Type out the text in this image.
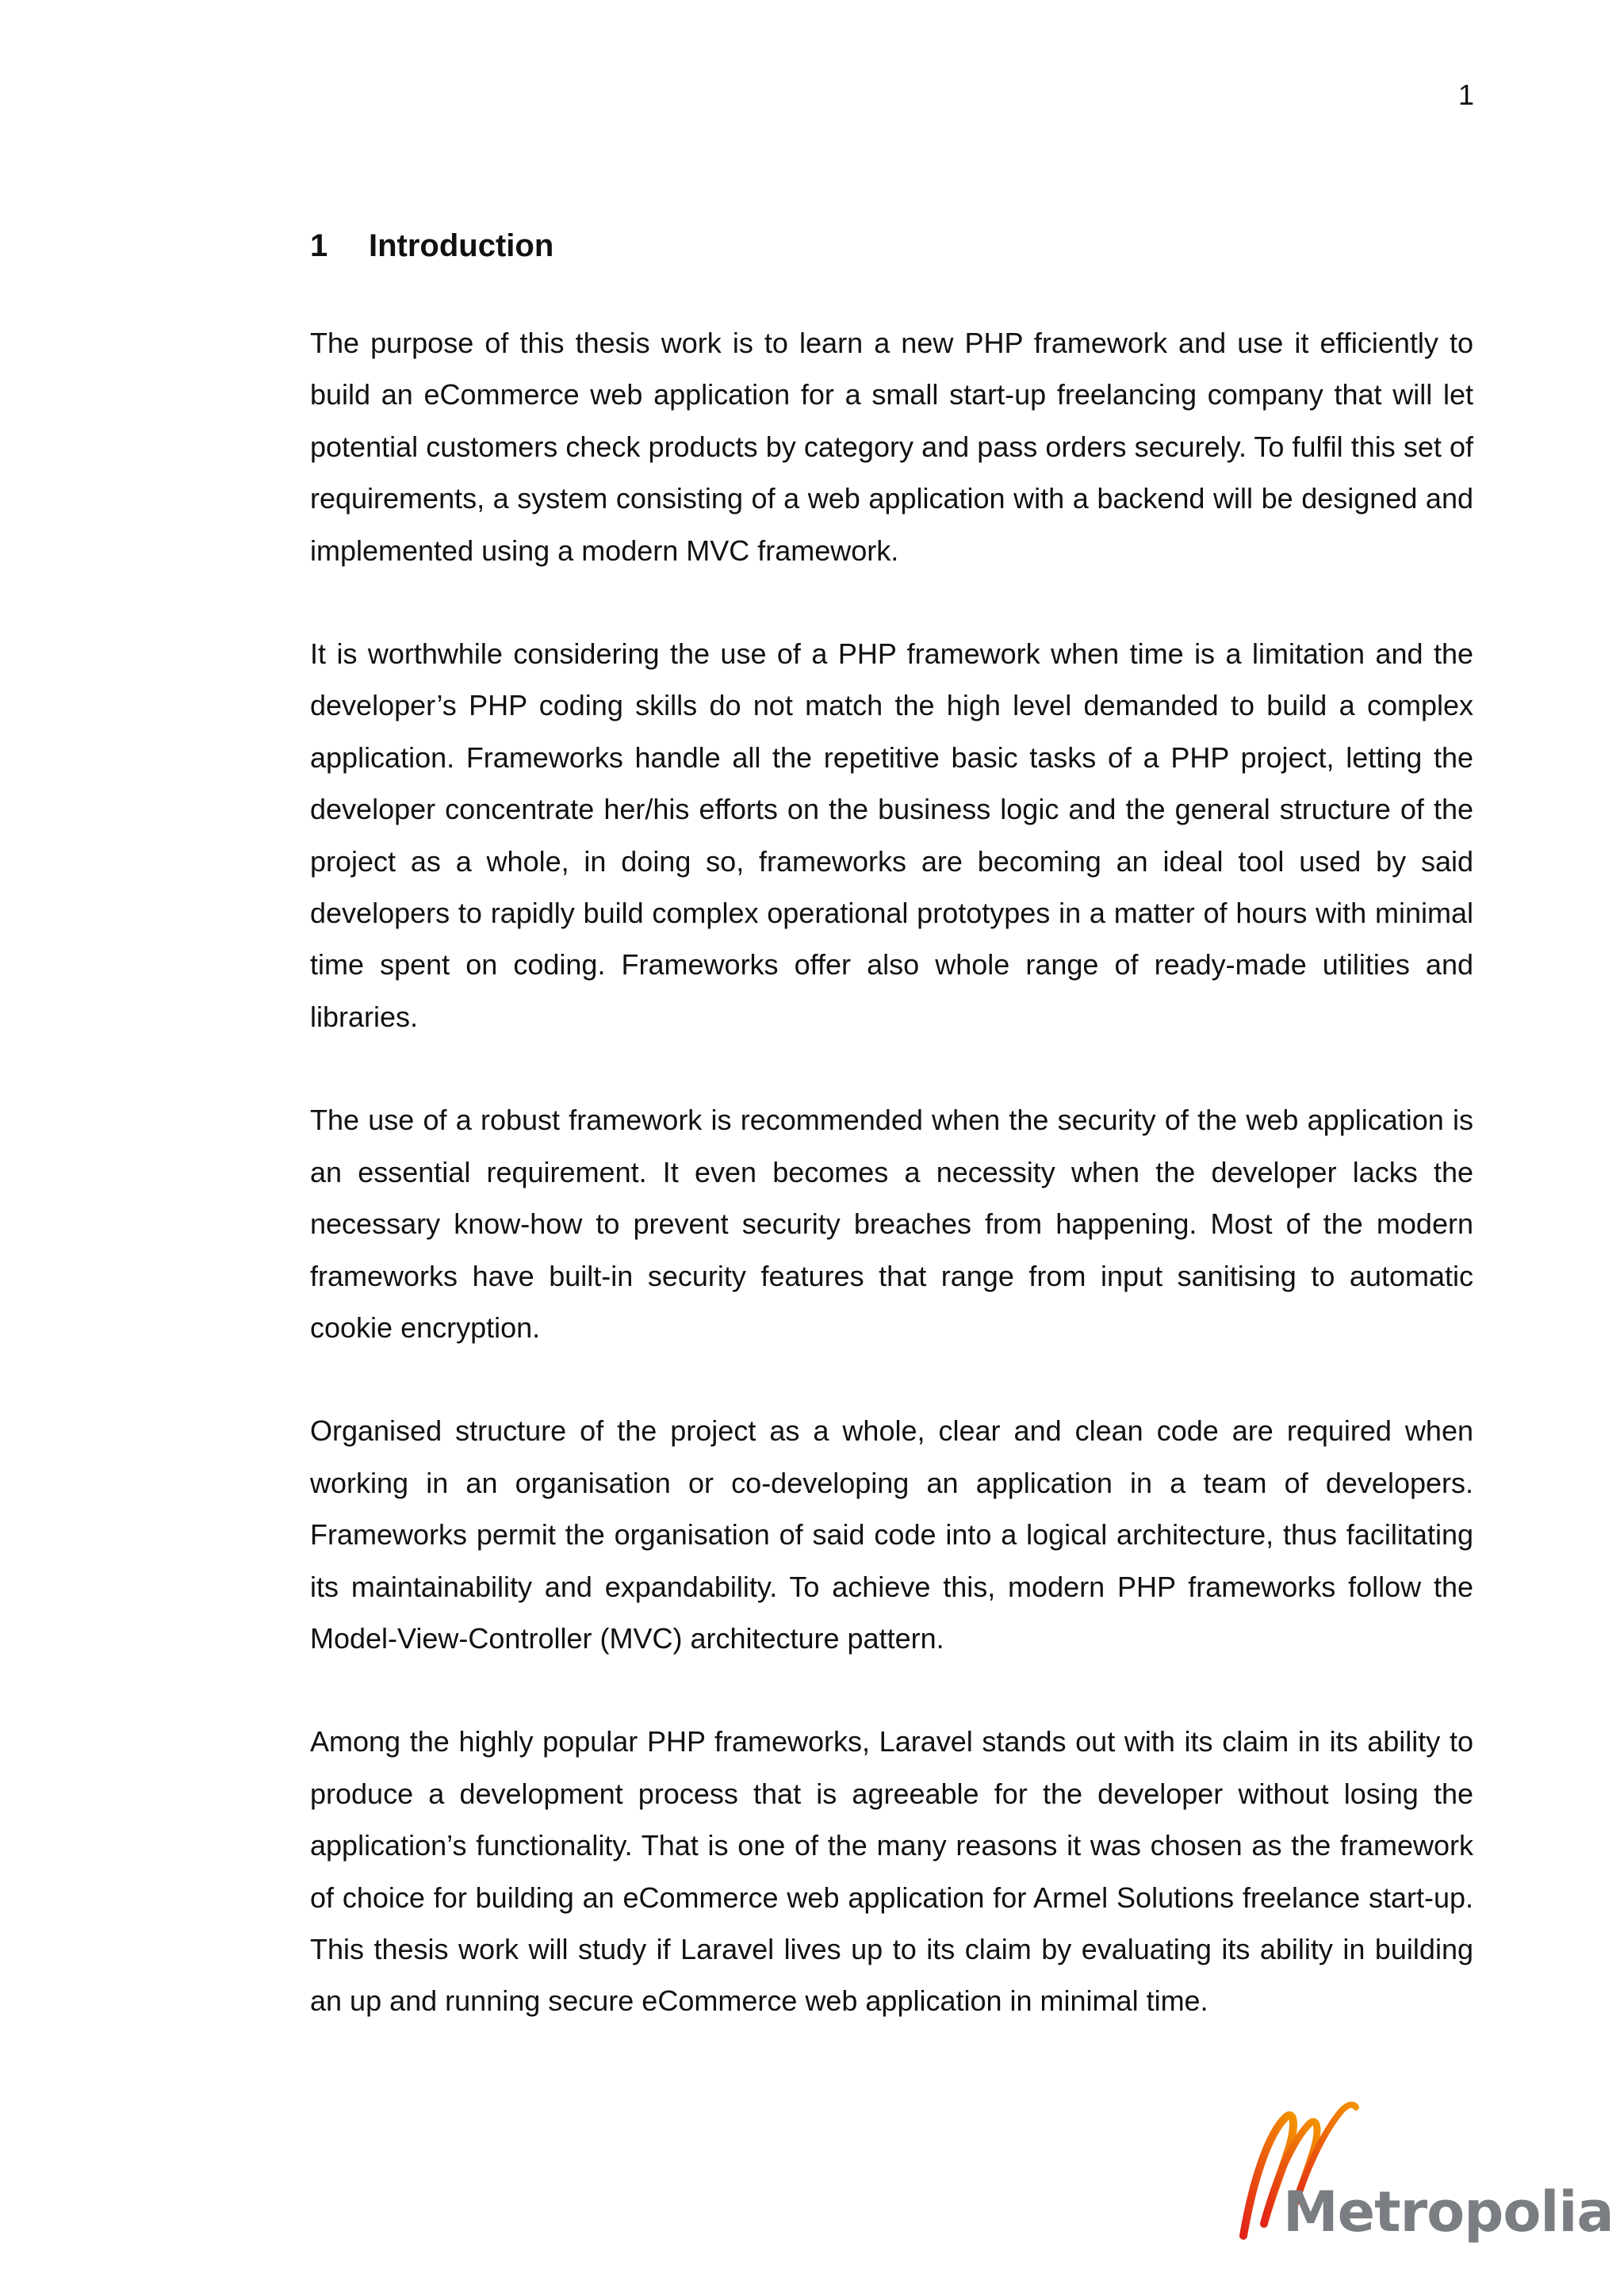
1
1	Introduction

The purpose of this thesis work is to learn a new PHP framework and use it efficiently to build an eCommerce web application for a small start-up freelancing company that will let potential customers check products by category and pass orders securely. To fulfil this set of requirements, a system consisting of a web application with a backend will be designed and implemented using a modern MVC framework.

It is worthwhile considering the use of a PHP framework when time is a limitation and the developer’s PHP coding skills do not match the high level demanded to build a complex application. Frameworks handle all the repetitive basic tasks of a PHP project, letting the developer concentrate her/his efforts on the business logic and the general structure of the project as a whole, in doing so, frameworks are becoming an ideal tool used by said developers to rapidly build complex operational prototypes in a matter of hours with minimal time spent on coding. Frameworks offer also whole range of ready-made utilities and libraries.

The use of a robust framework is recommended when the security of the web application is an essential requirement. It even becomes a necessity when the developer lacks the necessary know-how to prevent security breaches from happening. Most of the modern frameworks have built-in security features that range from input sanitising to automatic cookie encryption.

Organised structure of the project as a whole, clear and clean code are required when working in an organisation or co-developing an application in a team of developers. Frameworks permit the organisation of said code into a logical architecture, thus facilitating its maintainability and expandability. To achieve this, modern PHP frameworks follow the Model-View-Controller (MVC) architecture pattern.

Among the highly popular PHP frameworks, Laravel stands out with its claim in its ability to produce a development process that is agreeable for the developer without losing the application’s functionality. That is one of the many reasons it was chosen as the framework of choice for building an eCommerce web application for Armel Solutions freelance start-up. This thesis work will study if Laravel lives up to its claim by evaluating its ability in building an up and running secure eCommerce web application in minimal time.

Metropolia
